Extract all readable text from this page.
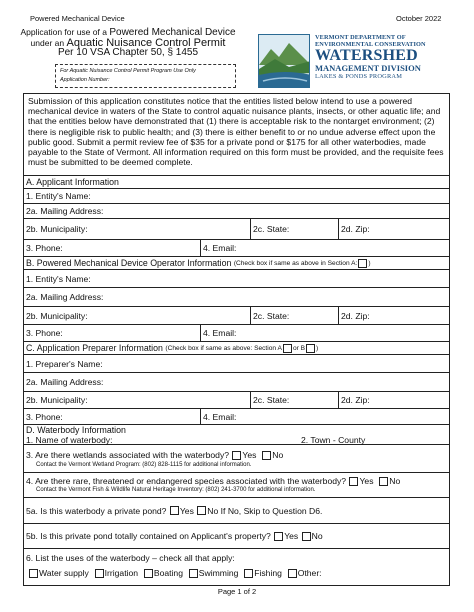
Powered Mechanical Device	October 2022
Application for use of a Powered Mechanical Device
under an Aquatic Nuisance Control Permit
Per 10 VSA Chapter 50, § 1455
For Aquatic Nuisance Control Permit Program Use Only
Application Number:
VERMONT DEPARTMENT OF
ENVIRONMENTAL CONSERVATION
WATERSHED
MANAGEMENT DIVISION
LAKES & PONDS PROGRAM
Submission of this application constitutes notice that the entities listed below intend to use a powered mechanical device in waters of the State to control aquatic nuisance plants, insects, or other aquatic life; and that the entities below have demonstrated that (1) there is acceptable risk to the nontarget environment; (2) there is negligible risk to public health; and (3) there is either benefit to or no undue adverse effect upon the public good. Submit a permit review fee of $35 for a private pond or $175 for all other waterbodies, made payable to the State of Vermont. All information required on this form must be provided, and the requisite fees must be submitted to be deemed complete.
A. Applicant Information
1. Entity's Name:
2a. Mailing Address:
2b. Municipality:	2c. State:	2d. Zip:
3. Phone:	4. Email:
B. Powered Mechanical Device Operator Information
(Check box if same as above in Section A: )
1. Entity's Name:
2a. Mailing Address:
2b. Municipality:	2c. State:	2d. Zip:
3. Phone:	4. Email:
C. Application Preparer Information
(Check box if same as above: Section A or B )
1. Preparer's Name:
2a. Mailing Address:
2b. Municipality:	2c. State:	2d. Zip:
3. Phone:	4. Email:
D. Waterbody Information
1. Name of waterbody:	2. Town - County
3. Are there wetlands associated with the waterbody? Yes No
Contact the Vermont Wetland Program: (802) 828-1115 for additional information.
4. Are there rare, threatened or endangered species associated with the waterbody? Yes No
Contact the Vermont Fish & Wildlife Natural Heritage Inventory: (802) 241-3700 for additional information.
5a. Is this waterbody a private pond?
Yes
No
If No, Skip to Question D6.
5b. Is this private pond totally contained on Applicant's property?
Yes
No
6. List the uses of the waterbody – check all that apply:
Water supply Irrigation Boating Swimming Fishing Other:
Page 1 of 2
